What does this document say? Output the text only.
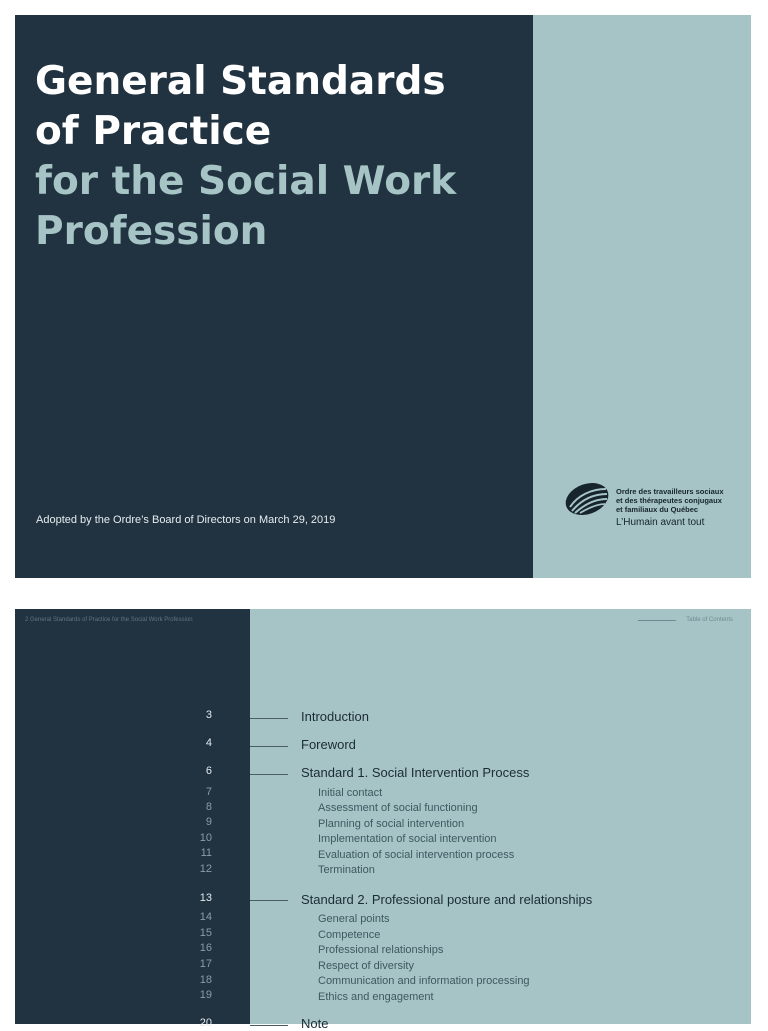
General Standards
of Practice
for the Social Work
Profession
Adopted by the Ordre’s Board of Directors on March 29, 2019
Ordre des travailleurs sociaux
et des thérapeutes conjugaux
et familiaux du Québec
L’Humain avant tout
2 General Standards of Practice for the Social Work Profession	Table of Contents
3	Introduction
4	Foreword
6	Standard 1. Social Intervention Process
7	Initial contact
8	Assessment of social functioning
9	Planning of social intervention
10	Implementation of social intervention
11	Evaluation of social intervention process
12	Termination
13	Standard 2. Professional posture and relationships
14	General points
15	Competence
16	Professional relationships
17	Respect of diversity
18	Communication and information processing
19	Ethics and engagement
20	Note
